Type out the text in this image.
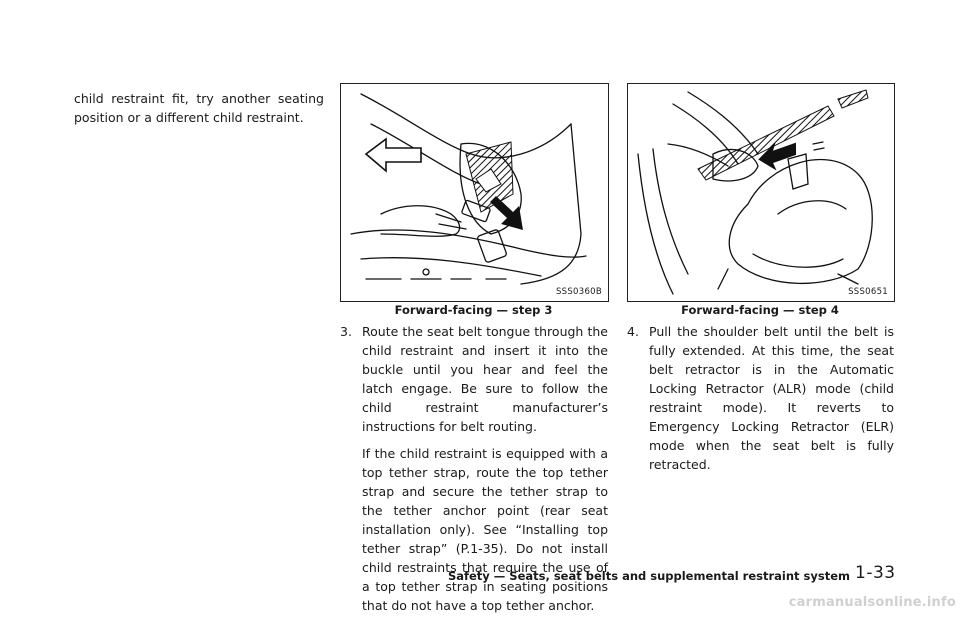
child restraint fit, try another seating position or a different child restraint.
SSS0360B
Forward-facing — step 3
SSS0651
Forward-facing — step 4
3. Route the seat belt tongue through the child restraint and insert it into the buckle until you hear and feel the latch engage. Be sure to follow the child restraint manufacturer’s instructions for belt routing.

If the child restraint is equipped with a top tether strap, route the top tether strap and secure the tether strap to the tether anchor point (rear seat installation only). See “Installing top tether strap” (P.1-35). Do not install child restraints that require the use of a top tether strap in seating positions that do not have a top tether anchor.

4. Pull the shoulder belt until the belt is fully extended. At this time, the seat belt retractor is in the Automatic Locking Retractor (ALR) mode (child restraint mode). It reverts to Emergency Locking Retractor (ELR) mode when the seat belt is fully retracted.

Safety — Seats, seat belts and supplemental restraint system 1-33
carmanualsonline.info
